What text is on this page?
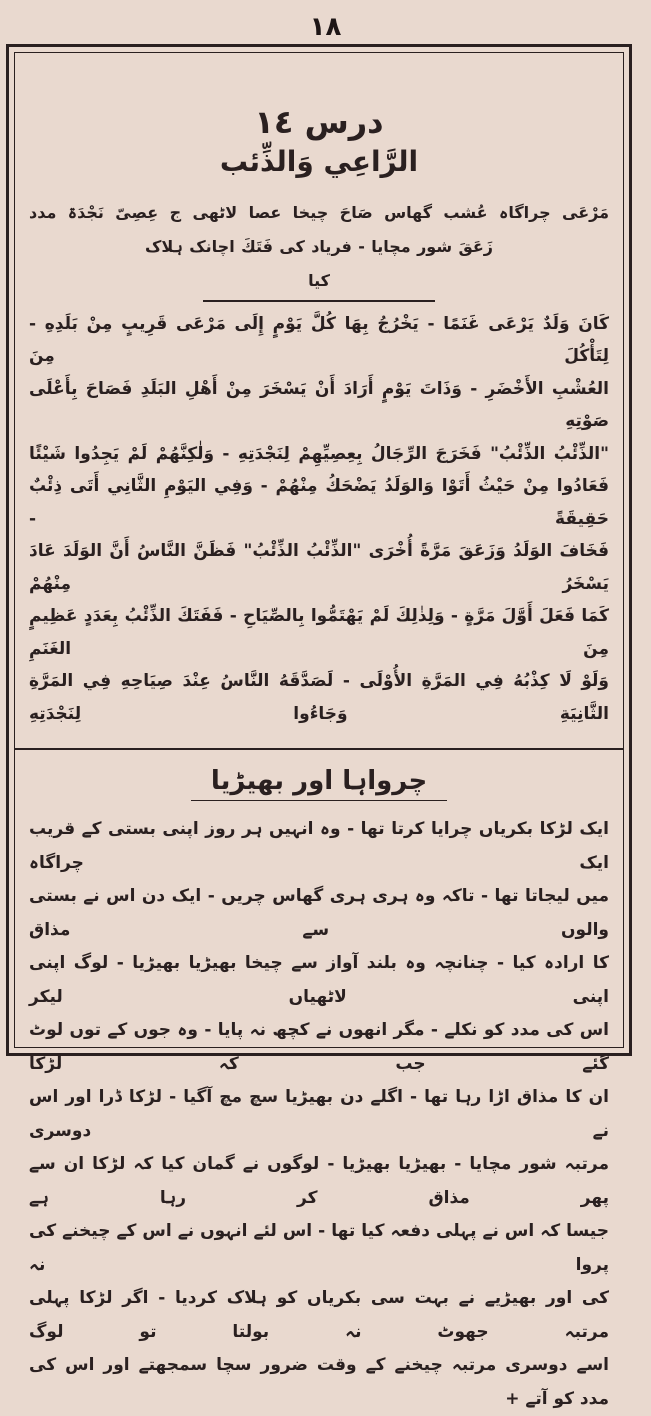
۱۸
درس ١٤
الرَّاعِي وَالذِّئب
مَرْعَى چراگاہ عُشب گھاس صَاحَ چیخا عصا لاٹھی ج عِصِیّ نَجْدَۃ مدد
زَعَقَ شور مچایا - فریاد کی فَتَكَ اچانک ہلاک کیا

كَانَ وَلَدٌ يَرْعَى غَنَمًا - يَخْرُجُ بِهَا كُلَّ يَوْمٍ إِلَى مَرْعَى قَرِيبٍ مِنْ بَلَدِهِ - لِتَأْكُلَ مِنَ

العُشْبِ الأَخْضَرِ - وَذَاتَ يَوْمٍ أَرَادَ أَنْ يَسْخَرَ مِنْ أَهْلِ البَلَدِ فَصَاحَ بِأَعْلَى صَوْتِهِ

"الذِّئْبُ الذِّئْبُ" فَخَرَجَ الرِّجَالُ بِعِصِيِّهِمْ لِنَجْدَتِهِ - وَلٰكِنَّهُمْ لَمْ يَجِدُوا شَيْئًا

فَعَادُوا مِنْ حَيْثُ أَتَوْا وَالوَلَدُ يَضْحَكُ مِنْهُمْ - وَفِي اليَوْمِ الثَّانِي أَتَى ذِئْبٌ حَقِيقَةً -

فَخَافَ الوَلَدُ وَزَعَقَ مَرَّةً أُخْرَى "الذِّئْبُ الذِّئْبُ" فَظَنَّ النَّاسُ أَنَّ الوَلَدَ عَادَ يَسْخَرُ مِنْهُمْ

كَمَا فَعَلَ أَوَّلَ مَرَّةٍ - وَلِذٰلِكَ لَمْ يَهْتَمُّوا بِالصِّيَاحِ - فَفَتَكَ الذِّئْبُ بِعَدَدٍ عَظِيمٍ مِنَ الغَنَمِ

وَلَوْ لَا كِذْبُهُ فِي المَرَّةِ الأُوْلَى - لَصَدَّقَهُ النَّاسُ عِنْدَ صِيَاحِهِ فِي المَرَّةِ الثَّانِيَةِ وَجَاءُوا لِنَجْدَتِهِ

چرواہا اور بھیڑیا

ایک لڑکا بکریاں چرایا کرتا تھا - وہ انہیں ہر روز اپنی بستی کے قریب ایک چراگاہ

میں لیجاتا تھا - تاکہ وہ ہری ہری گھاس چریں - ایک دن اس نے بستی والوں سے مذاق

کا ارادہ کیا - چنانچہ وہ بلند آواز سے چیخا بھیڑیا بھیڑیا - لوگ اپنی اپنی لاٹھیاں لیکر

اس کی مدد کو نکلے - مگر انھوں نے کچھ نہ پایا - وہ جوں کے توں لوٹ گئے جب کہ لڑکا

ان کا مذاق اڑا رہا تھا - اگلے دن بھیڑیا سچ مچ آگیا - لڑکا ڈرا اور اس نے دوسری

مرتبہ شور مچایا - بھیڑیا بھیڑیا - لوگوں نے گمان کیا کہ لڑکا ان سے پھر مذاق کر رہا ہے

جیسا کہ اس نے پہلی دفعہ کیا تھا - اس لئے انہوں نے اس کے چیخنے کی پروا نہ

کی اور بھیڑیے نے بہت سی بکریاں کو ہلاک کردیا - اگر لڑکا پہلی مرتبہ جھوٹ نہ بولتا تو لوگ

اسے دوسری مرتبہ چیخنے کے وقت ضرور سچا سمجھتے اور اس کی مدد کو آتے +
